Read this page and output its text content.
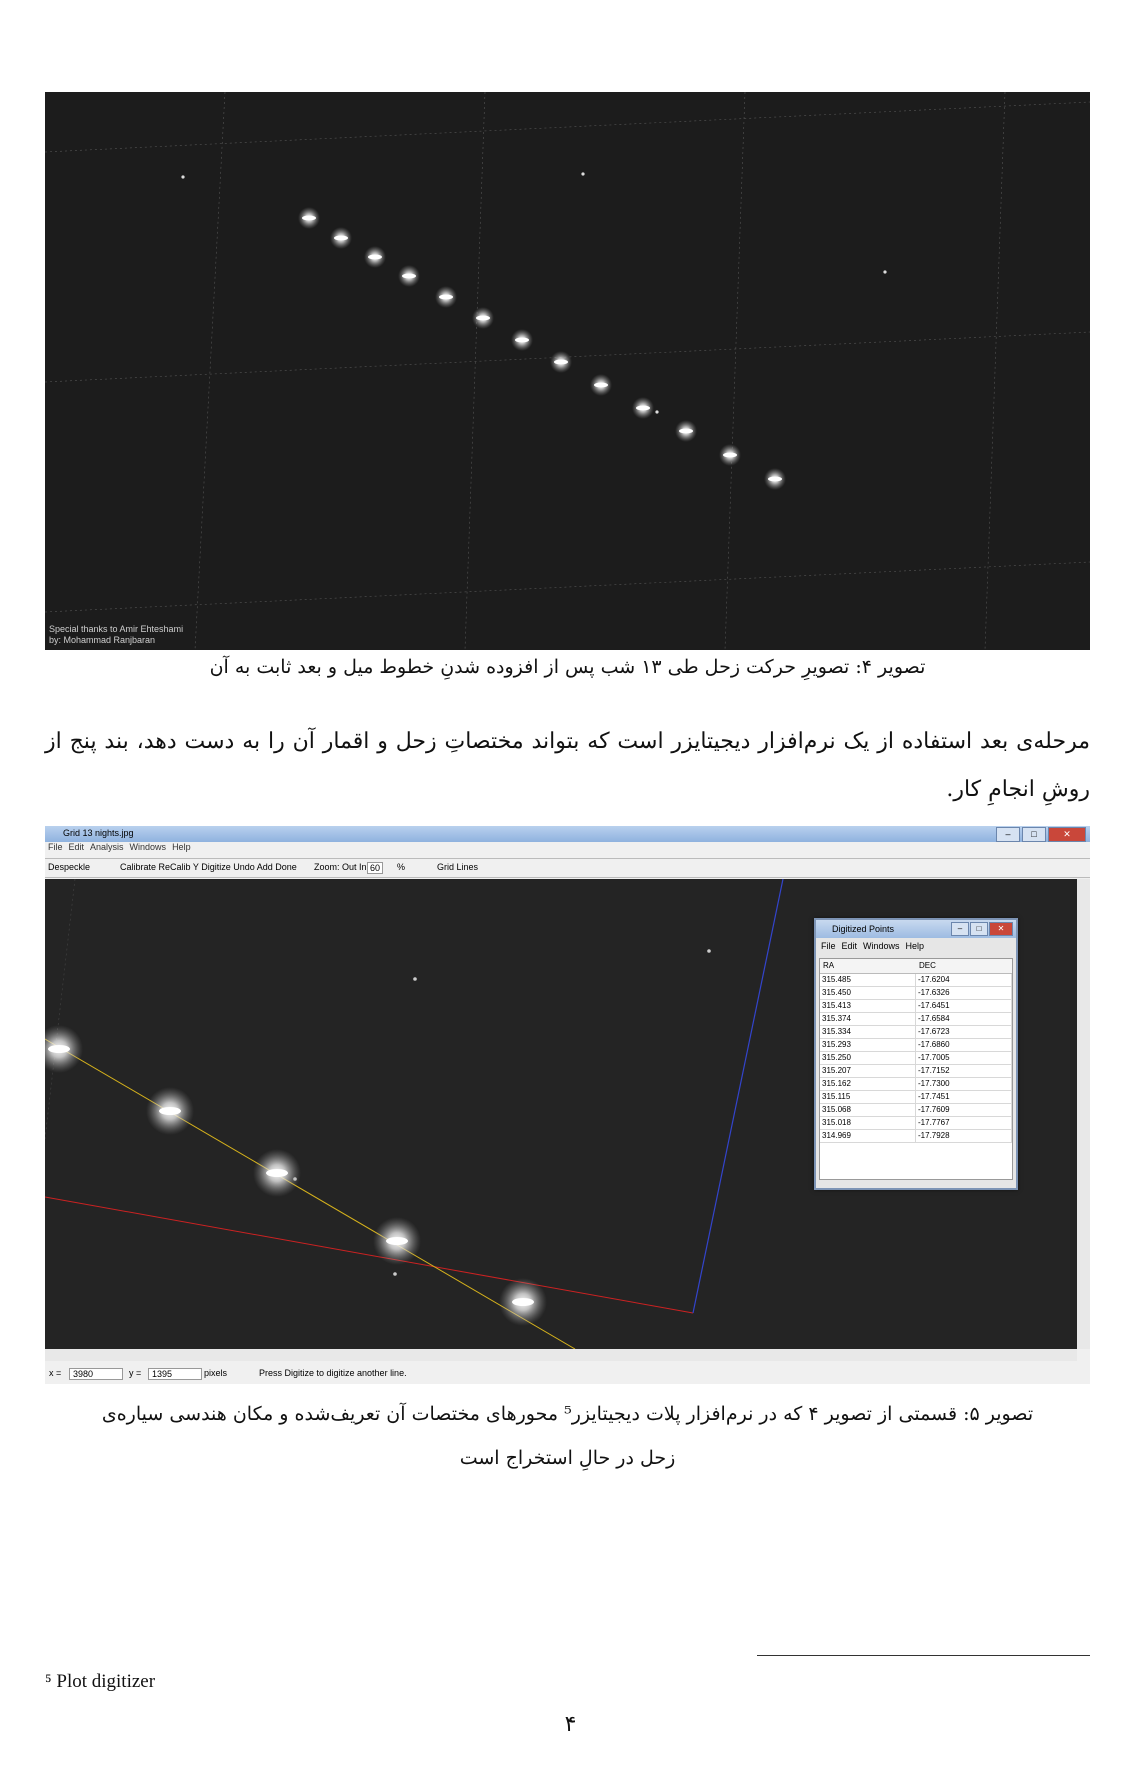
Special thanks to Amir Ehteshami
by: Mohammad Ranjbaran
تصویر ۴: تصویرِ حرکت زحل طی ۱۳ شب پس از افزوده شدنِ خطوط میل و بعد ثابت به آن
مرحله‌ی بعد استفاده از یک نرم‌افزار دیجیتایزر است که بتواند مختصاتِ زحل و اقمار آن را به دست دهد، بند پنج از روشِ انجامِ کار.
Grid 13 nights.jpg	–	□	✕
File Edit Analysis Windows Help
Despeckle	Calibrate ReCalib Y Digitize Undo Add Done Zoom: Out In 60	%	Grid Lines
x =	3980	y =	1395	pixels	Press Digitize to digitize another line.
Digitized Points	–	□	✕
File Edit Windows Help
RA	DEC
315.485	-17.6204
315.450	-17.6326
315.413	-17.6451
315.374	-17.6584
315.334	-17.6723
315.293	-17.6860
315.250	-17.7005
315.207	-17.7152
315.162	-17.7300
315.115	-17.7451
315.068	-17.7609
315.018	-17.7767
314.969	-17.7928
تصویر ۵: قسمتی از تصویر ۴ که در نرم‌افزار پلات دیجیتایزر⁵ محورهای مختصات آن تعریف‌شده و مکان هندسی سیاره‌ی
زحل در حالِ استخراج است
⁵ Plot digitizer
۴
